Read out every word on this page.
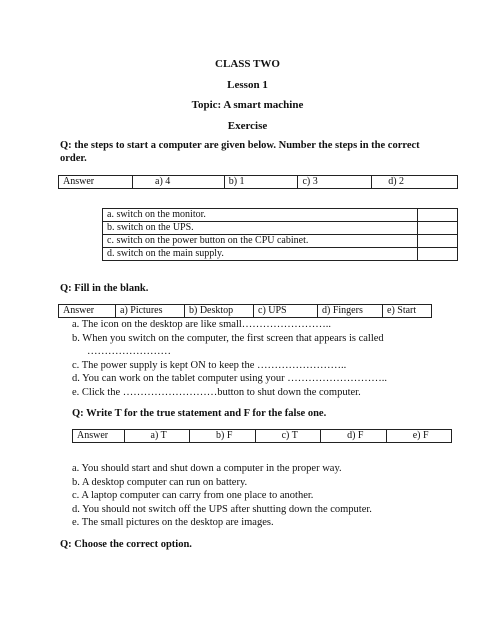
CLASS TWO
Lesson 1
Topic: A smart machine
Exercise
Q: the steps to start a computer are given below. Number the steps in the correct
order.
Answer	a) 4	b) 1	c) 3	d) 2
a. switch on the monitor.	
b. switch on the UPS.	
c. switch on the power button on the CPU cabinet.	
d. switch on the main supply.	
Q: Fill in the blank.
Answer	a) Pictures	b) Desktop	c) UPS	d) Fingers	e) Start
a. The icon on the desktop are like small……………………..
b. When you switch on the computer, the first screen that appears is called
……………………
c. The power supply is kept ON to keep the ……………………..
d. You can work on the tablet computer using your ………………………..
e. Click the ………………………button to shut down the computer.
Q: Write T for the true statement and F for the false one.
Answer	a) T	b) F	c) T	d) F	e) F
a. You should start and shut down a computer in the proper way.
b. A desktop computer can run on battery.
c. A laptop computer can carry from one place to another.
d. You should not switch off the UPS after shutting down the computer.
e. The small pictures on the desktop are images.
Q: Choose the correct option.
